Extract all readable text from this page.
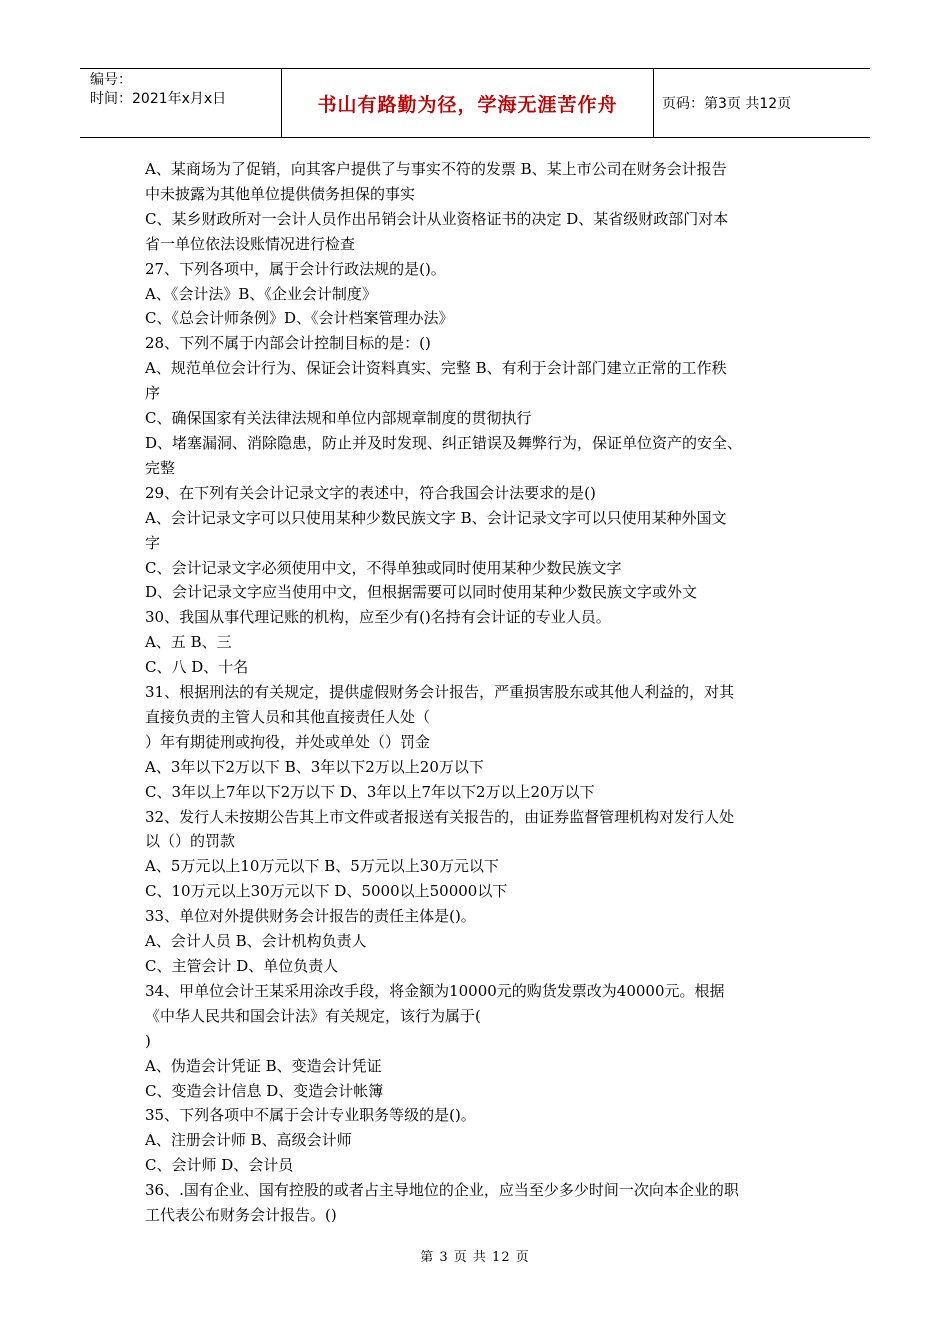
编号：
时间：2021年x月x日	书山有路勤为径，学海无涯苦作舟	页码：第3页 共12页
A、某商场为了促销，向其客户提供了与事实不符的发票 B、某上市公司在财务会计报告
中未披露为其他单位提供债务担保的事实
C、某乡财政所对一会计人员作出吊销会计从业资格证书的决定 D、某省级财政部门对本
省一单位依法设账情况进行检查
27、下列各项中，属于会计行政法规的是()。
A、《会计法》B、《企业会计制度》
C、《总会计师条例》D、《会计档案管理办法》
28、下列不属于内部会计控制目标的是：()
A、规范单位会计行为、保证会计资料真实、完整 B、有利于会计部门建立正常的工作秩
序
C、确保国家有关法律法规和单位内部规章制度的贯彻执行
D、堵塞漏洞、消除隐患，防止并及时发现、纠正错误及舞弊行为，保证单位资产的安全、
完整
29、在下列有关会计记录文字的表述中，符合我国会计法要求的是()
A、会计记录文字可以只使用某种少数民族文字 B、会计记录文字可以只使用某种外国文
字
C、会计记录文字必须使用中文，不得单独或同时使用某种少数民族文字
D、会计记录文字应当使用中文，但根据需要可以同时使用某种少数民族文字或外文
30、我国从事代理记账的机构，应至少有()名持有会计证的专业人员。
A、五 B、三
C、八 D、十名
31、根据刑法的有关规定，提供虚假财务会计报告，严重损害股东或其他人利益的，对其
直接负责的主管人员和其他直接责任人处（
）年有期徒刑或拘役，并处或单处（）罚金
A、3年以下2万以下 B、3年以下2万以上20万以下
C、3年以上7年以下2万以下 D、3年以上7年以下2万以上20万以下
32、发行人未按期公告其上市文件或者报送有关报告的，由证券监督管理机构对发行人处
以（）的罚款
A、5万元以上10万元以下 B、5万元以上30万元以下
C、10万元以上30万元以下 D、5000以上50000以下
33、单位对外提供财务会计报告的责任主体是()。
A、会计人员 B、会计机构负责人
C、主管会计 D、单位负责人
34、甲单位会计王某采用涂改手段，将金额为10000元的购货发票改为40000元。根据
《中华人民共和国会计法》有关规定，该行为属于(
)
A、伪造会计凭证 B、变造会计凭证
C、变造会计信息 D、变造会计帐簿
35、下列各项中不属于会计专业职务等级的是()。
A、注册会计师 B、高级会计师
C、会计师 D、会计员
36、.国有企业、国有控股的或者占主导地位的企业，应当至少多少时间一次向本企业的职
工代表公布财务会计报告。()
第 3 页 共 12 页
